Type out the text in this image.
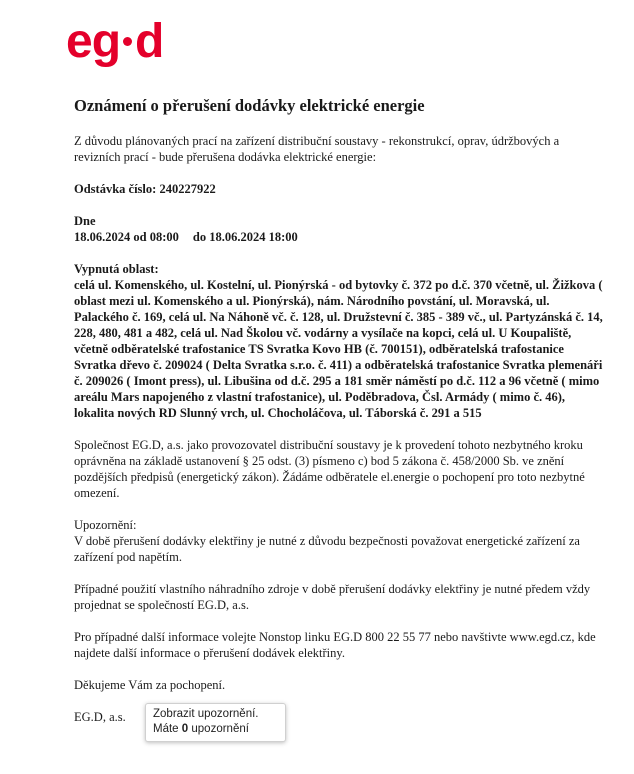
eg d
Oznámení o přerušení dodávky elektrické energie

Z důvodu plánovaných prací na zařízení distribuční soustavy - rekonstrukcí, oprav, údržbových a revizních prací - bude přerušena dodávka elektrické energie:

Odstávka číslo: 240227922

Dne
18.06.2024 od 08:00 do 18.06.2024 18:00
Vypnutá oblast:
celá ul. Komenského, ul. Kostelní, ul. Pionýrská - od bytovky č. 372 po d.č. 370 včetně, ul. Žižkova ( oblast mezi ul. Komenského a ul. Pionýrská), nám. Národního povstání, ul. Moravská, ul. Palackého č. 169, celá ul. Na Náhoně vč. č. 128, ul. Družstevní č. 385 - 389 vč., ul. Partyzánská č. 14, 228, 480, 481 a 482, celá ul. Nad Školou vč. vodárny a vysílače na kopci, celá ul. U Koupaliště, včetně odběratelské trafostanice TS Svratka Kovo HB (č. 700151), odběratelská trafostanice Svratka dřevo č. 209024 ( Delta Svratka s.r.o. č. 411) a odběratelská trafostanice Svratka plemenáři č. 209026 ( Imont press), ul. Libušina od d.č. 295 a 181 směr náměstí po d.č. 112 a 96 včetně ( mimo areálu Mars napojeného z vlastní trafostanice), ul. Poděbradova, Čsl. Armády ( mimo č. 46), lokalita nových RD Slunný vrch, ul. Chocholáčova, ul. Táborská č. 291 a 515

Společnost EG.D, a.s. jako provozovatel distribuční soustavy je k provedení tohoto nezbytného kroku oprávněna na základě ustanovení § 25 odst. (3) písmeno c) bod 5 zákona č. 458/2000 Sb. ve znění pozdějších předpisů (energetický zákon). Žádáme odběratele el.energie o pochopení pro toto nezbytné omezení.

Upozornění:
V době přerušení dodávky elektřiny je nutné z důvodu bezpečnosti považovat energetické zařízení za zařízení pod napětím.

Případné použití vlastního náhradního zdroje v době přerušení dodávky elektřiny je nutné předem vždy projednat se společností EG.D, a.s.

Pro případné další informace volejte Nonstop linku EG.D 800 22 55 77 nebo navštivte www.egd.cz, kde najdete další informace o přerušení dodávek elektřiny.

Děkujeme Vám za pochopení.

EG.D, a.s.	Zobrazit upozornění.
Máte 0 upozornění
